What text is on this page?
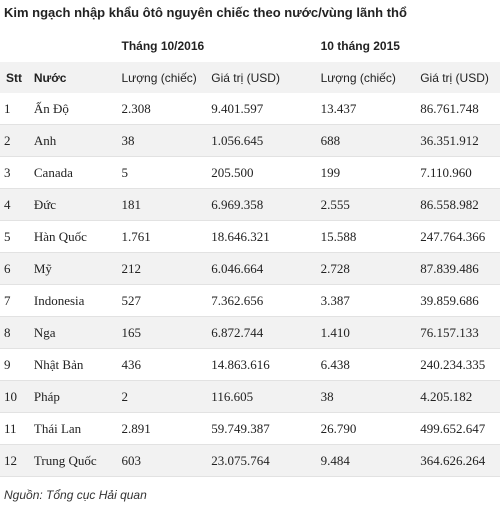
Kim ngạch nhập khẩu ôtô nguyên chiếc theo nước/vùng lãnh thổ
		Tháng 10/2016		10 tháng 2015	
Stt	Nước	Lượng (chiếc)	Giá trị (USD)	Lượng (chiếc)	Giá trị (USD)
1	Ấn Độ	2.308	9.401.597	13.437	86.761.748
2	Anh	38	1.056.645	688	36.351.912
3	Canada	5	205.500	199	7.110.960
4	Đức	181	6.969.358	2.555	86.558.982
5	Hàn Quốc	1.761	18.646.321	15.588	247.764.366
6	Mỹ	212	6.046.664	2.728	87.839.486
7	Indonesia	527	7.362.656	3.387	39.859.686
8	Nga	165	6.872.744	1.410	76.157.133
9	Nhật Bản	436	14.863.616	6.438	240.234.335
10	Pháp	2	116.605	38	4.205.182
11	Thái Lan	2.891	59.749.387	26.790	499.652.647
12	Trung Quốc	603	23.075.764	9.484	364.626.264
Nguồn: Tổng cục Hải quan
